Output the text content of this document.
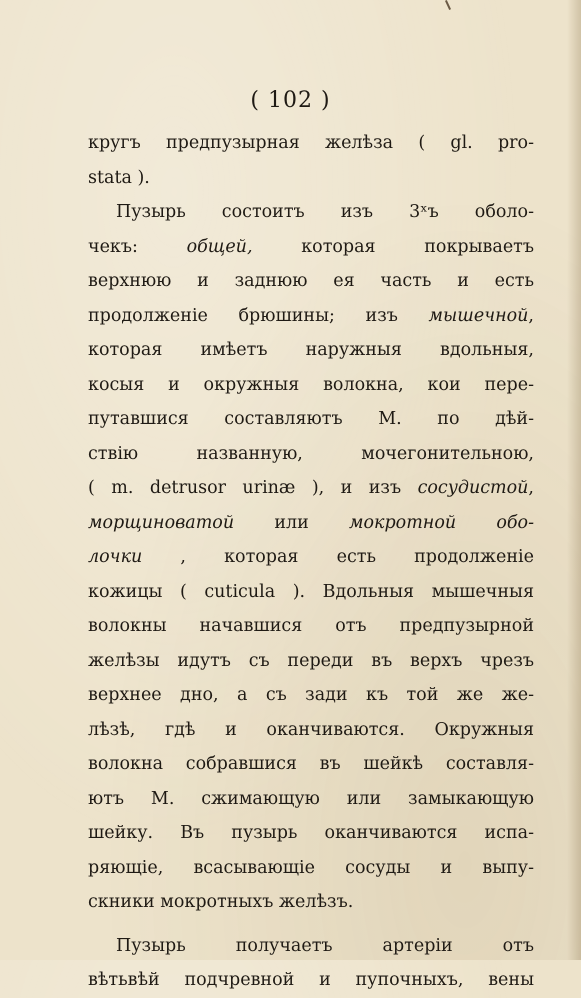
( 102 )
кругъ предпузырная желѣза ( gl. pro-
stata ).
Пузырь состоитъ изъ 3ˣъ оболо-
чекъ: общей, которая покрываетъ
верхнюю и заднюю ея часть и есть
продолженіе брюшины; изъ мышечной,
которая имѣетъ наружныя вдольныя,
косыя и окружныя волокна, кои пере-
путавшися составляютъ М. по дѣй-
ствію названную, мочегонительною,
( m. detrusor urinæ ), и изъ сосудистой,
морщиноватой или мокротной обо-
лочки , которая есть продолженіе
кожицы ( cuticula ). Вдольныя мышечныя
волокны начавшися отъ предпузырной
желѣзы идутъ съ переди въ верхъ чрезъ
верхнее дно, а съ зади къ той же же-
лѣзѣ, гдѣ и оканчиваются. Окружныя
волокна собравшися въ шейкѣ составля-
ютъ М. сжимающую или замыкающую
шейку. Въ пузырь оканчиваются испа-
ряющіе, всасывающіе сосуды и выпу-
скники мокротныхъ желѣзъ.
Пузырь получаетъ артеріи отъ
вѣтьвѣй подчревной и пупочныхъ, вены
